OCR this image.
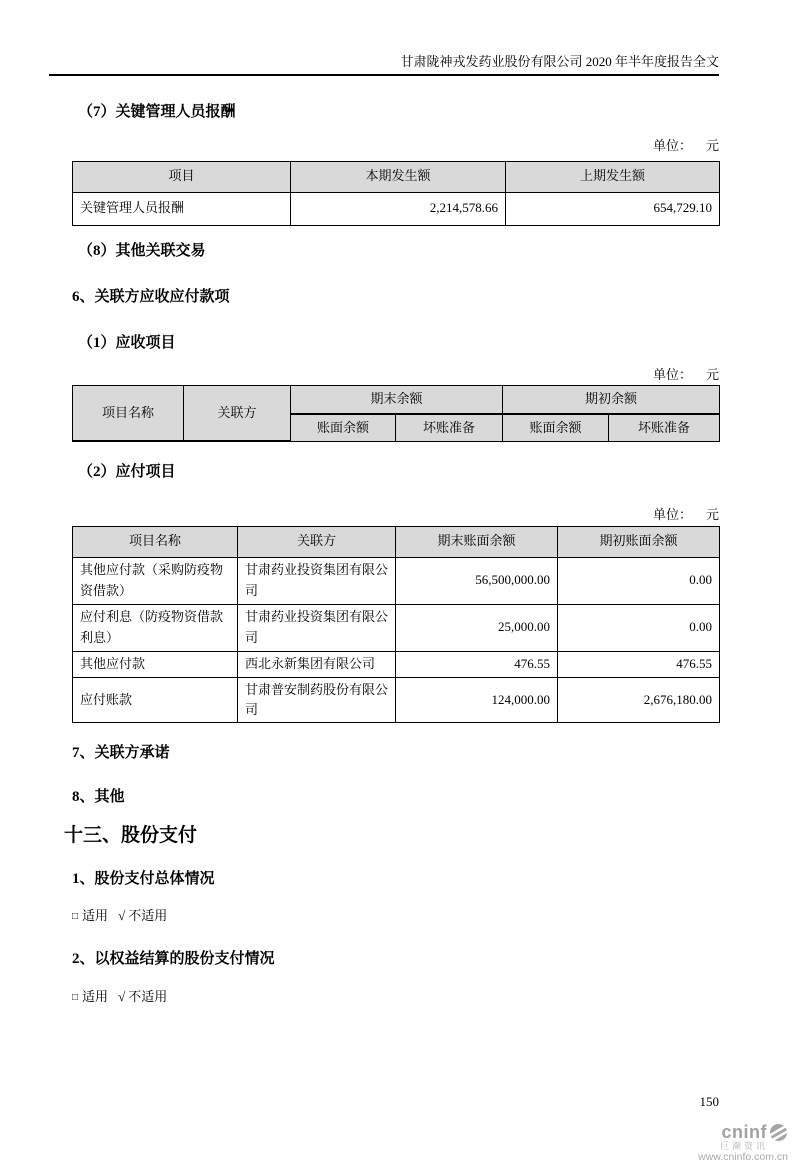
甘肃陇神戎发药业股份有限公司 2020 年半年度报告全文
（7）关键管理人员报酬
单位： 元
项目	本期发生额	上期发生额
关键管理人员报酬	2,214,578.66	654,729.10
（8）其他关联交易
6、关联方应收应付款项
（1）应收项目
单位： 元
项目名称	关联方	期末余额		期初余额	
		账面余额	坏账准备	账面余额	坏账准备
（2）应付项目
单位： 元
项目名称	关联方	期末账面余额	期初账面余额
其他应付款（采购防疫物资借款）	甘肃药业投资集团有限公司	56,500,000.00	0.00
应付利息（防疫物资借款利息）	甘肃药业投资集团有限公司	25,000.00	0.00
其他应付款	西北永新集团有限公司	476.55	476.55
应付账款	甘肃普安制药股份有限公司	124,000.00	2,676,180.00
7、关联方承诺
8、其他
十三、股份支付
1、股份支付总体情况
□ 适用 √ 不适用
2、以权益结算的股份支付情况
□ 适用 √ 不适用
150
cninf
巨潮资讯
www.cninfo.com.cn
